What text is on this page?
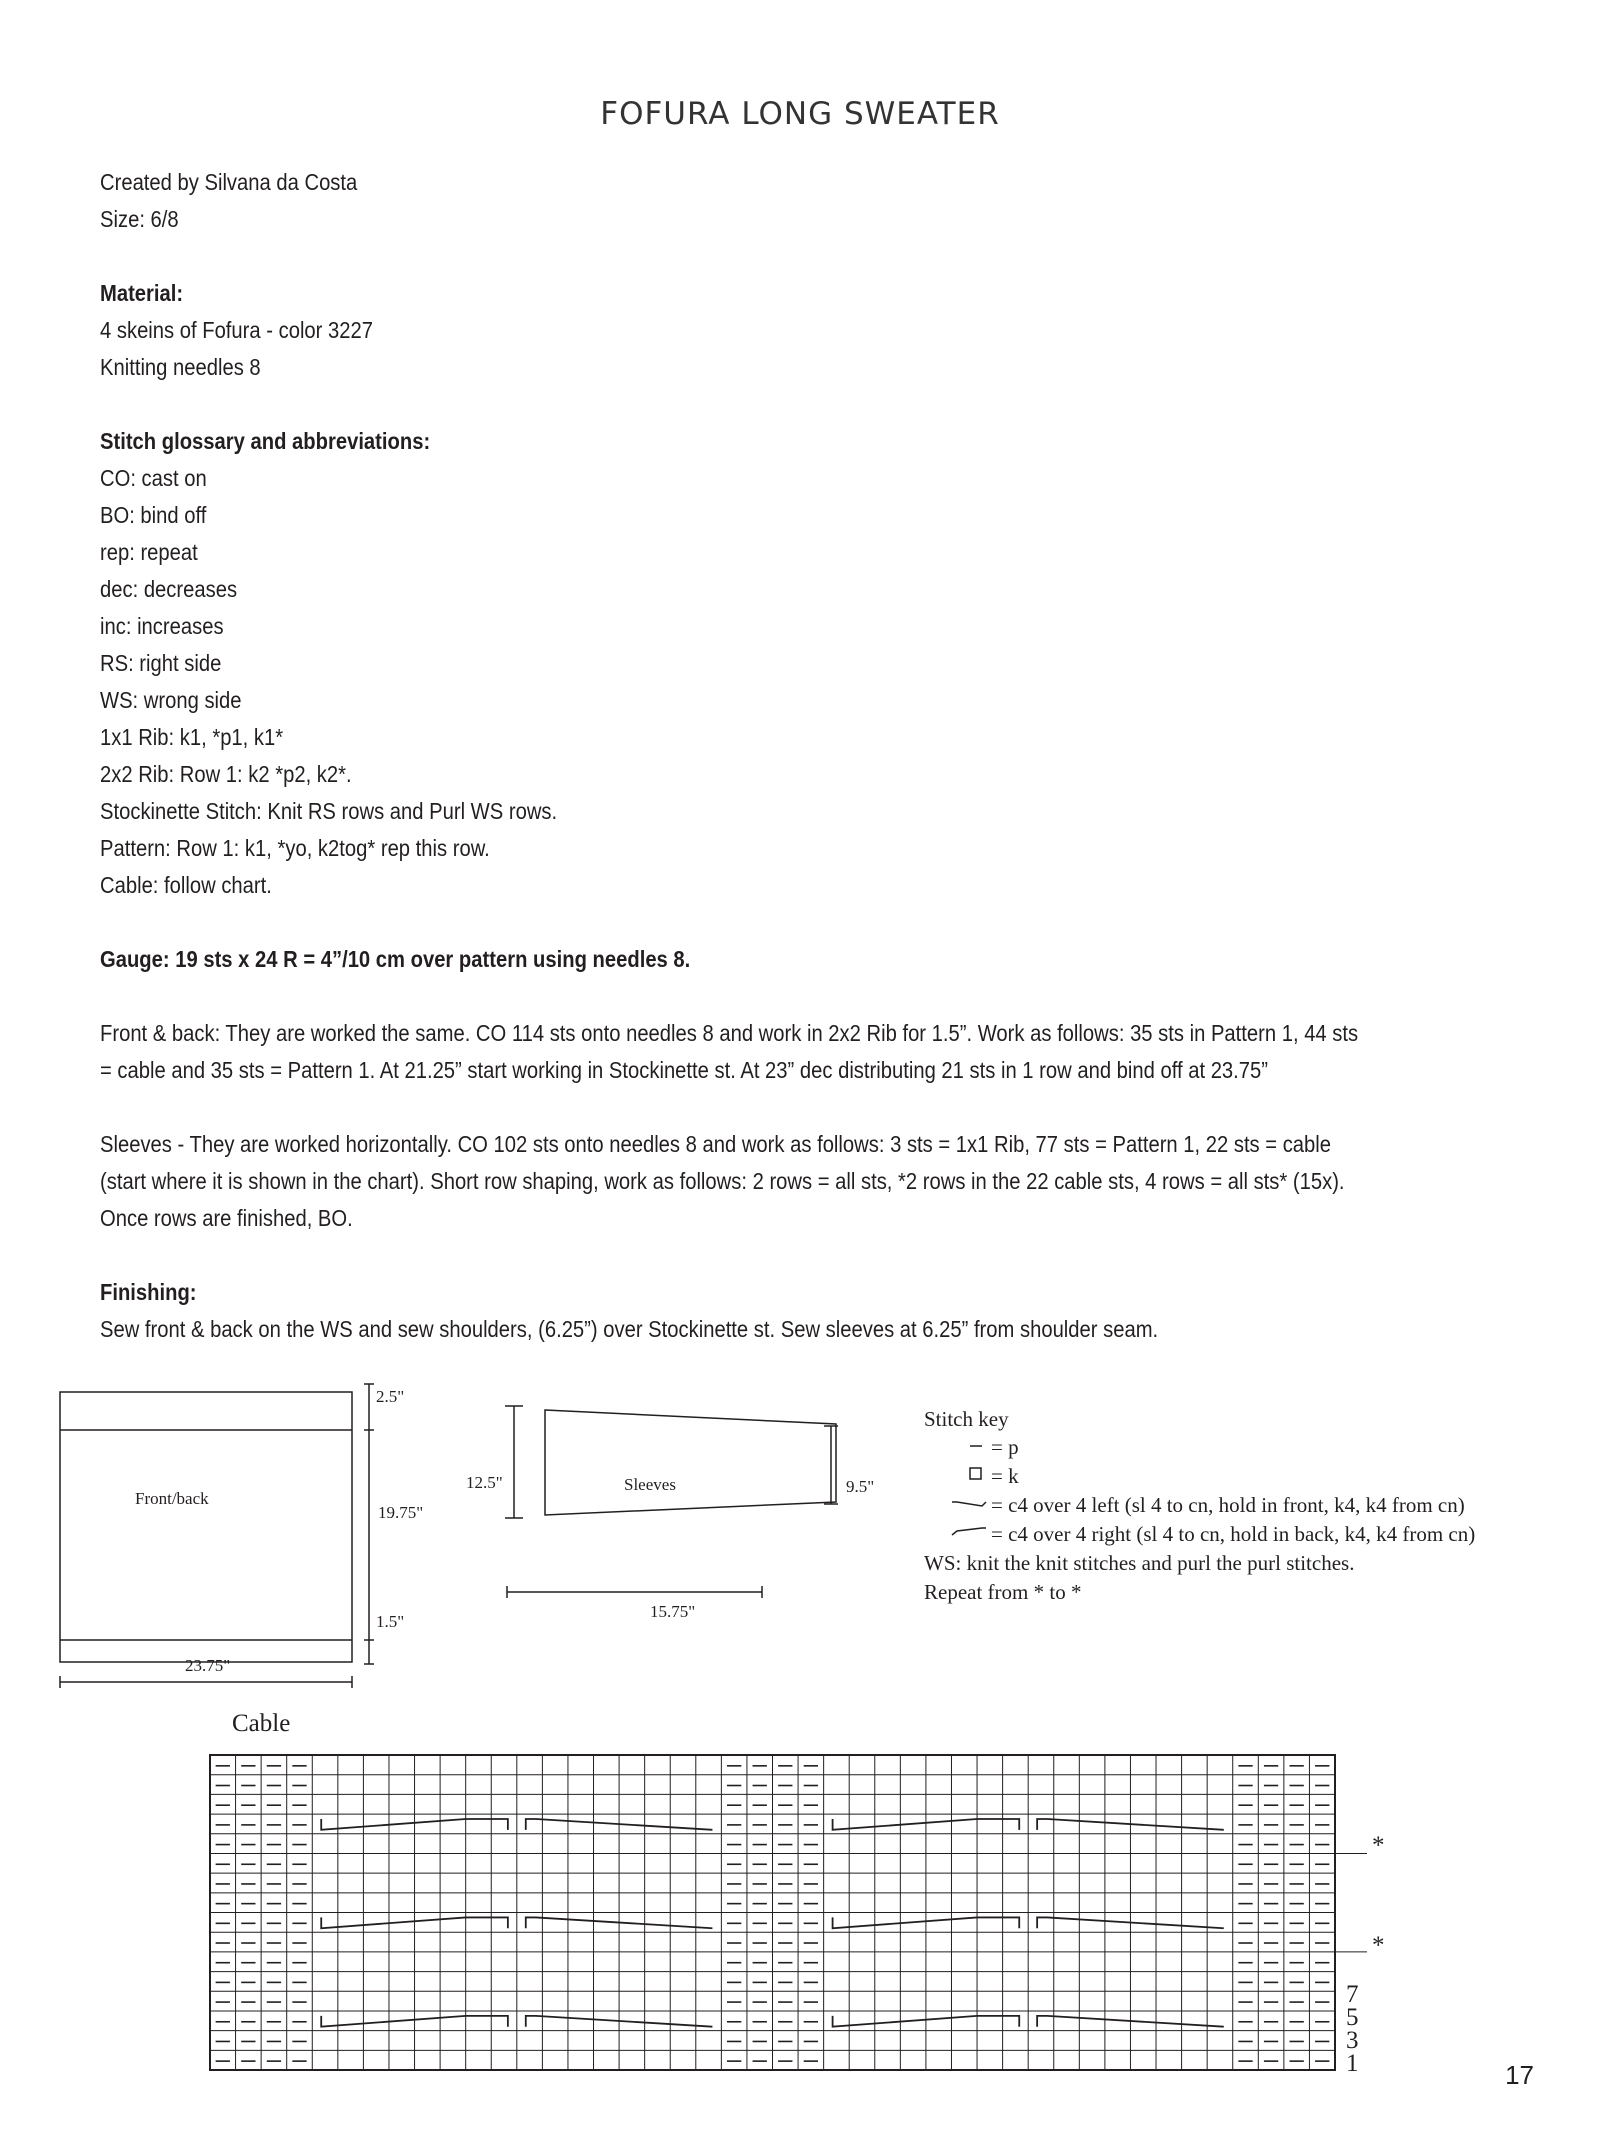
FOFURA LONG SWEATER

Created by Silvana da Costa

Size: 6/8

Material:

4 skeins of Fofura - color 3227

Knitting needles 8

Stitch glossary and abbreviations:

CO: cast on

BO: bind off

rep: repeat

dec: decreases

inc: increases

RS: right side

WS: wrong side

1x1 Rib: k1, *p1, k1*

2x2 Rib: Row 1: k2 *p2, k2*.

Stockinette Stitch: Knit RS rows and Purl WS rows.

Pattern: Row 1: k1, *yo, k2tog* rep this row.

Cable: follow chart.

Gauge: 19 sts x 24 R = 4”/10 cm over pattern using needles 8.

Front & back: They are worked the same. CO 114 sts onto needles 8 and work in 2x2 Rib for 1.5”. Work as follows: 35 sts in Pattern 1, 44 sts = cable and 35 sts = Pattern 1. At 21.25” start working in Stockinette st. At 23” dec distributing 21 sts in 1 row and bind off at 23.75”

Sleeves - They are worked horizontally. CO 102 sts onto needles 8 and work as follows: 3 sts = 1x1 Rib, 77 sts = Pattern 1, 22 sts = cable (start where it is shown in the chart). Short row shaping, work as follows: 2 rows = all sts, *2 rows in the 22 cable sts, 4 rows = all sts* (15x). Once rows are finished, BO.

Finishing:

Sew front & back on the WS and sew shoulders, (6.25”) over Stockinette st. Sew sleeves at 6.25” from shoulder seam.

Front/back
2.5"
19.75"
1.5"
23.75"
Sleeves
12.5"	9.5"
15.75"
Stitch key
= p
= k
= c4 over 4 left (sl 4 to cn, hold in front, k4, k4 from cn)
= c4 over 4 right (sl 4 to cn, hold in back, k4, k4 from cn)
WS: knit the knit stitches and purl the purl stitches.
Repeat from * to *
Cable
*
*
7
5
3
1	17
